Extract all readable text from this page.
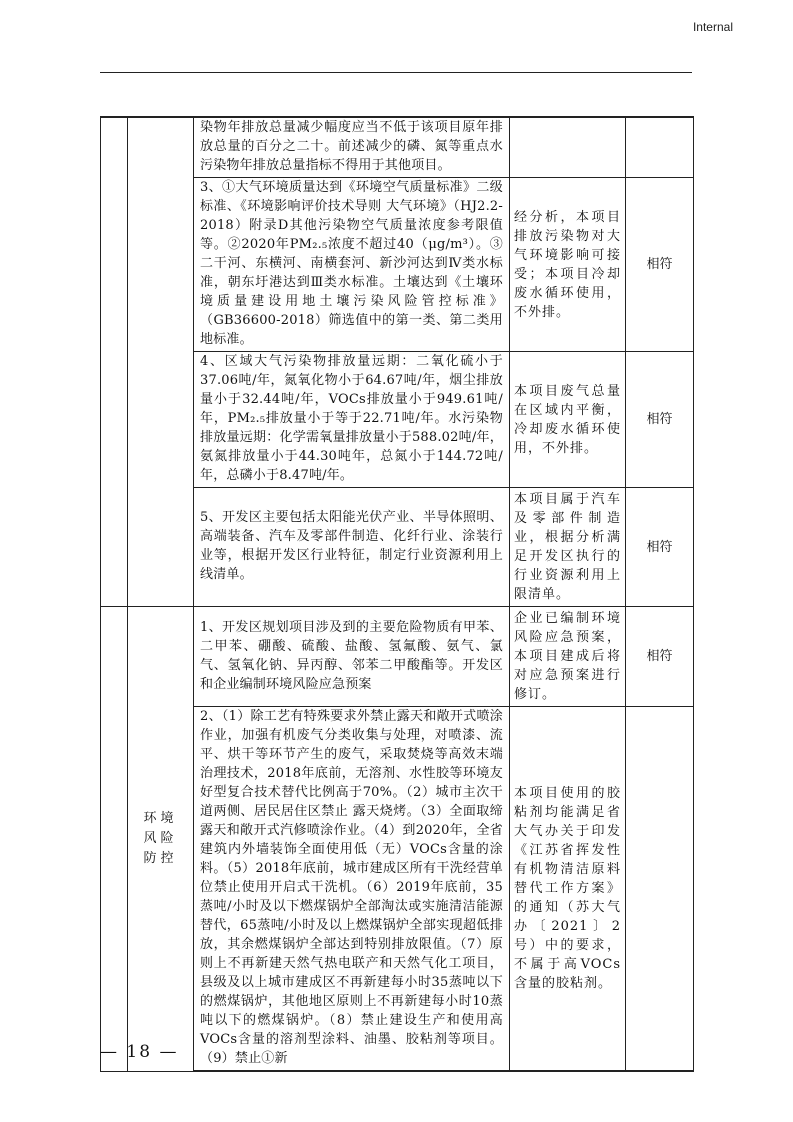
Internal

		染物年排放总量减少幅度应当不低于该项目原年排放总量的百分之二十。前述减少的磷、氮等重点水污染物年排放总量指标不得用于其他项目。		

		3、①大气环境质量达到《环境空气质量标准》二级标准、《环境影响评价技术导则 大气环境》（HJ2.2-2018）附录D其他污染物空气质量浓度参考限值等。②2020年PM₂.₅浓度不超过40（μg/m³）。③二干河、东横河、南横套河、新沙河达到Ⅳ类水标准，朝东圩港达到Ⅲ类水标准。土壤达到《土壤环境质量建设用地土壤污染风险管控标准》（GB36600-2018）筛选值中的第一类、第二类用地标准。	经分析，本项目排放污染物对大气环境影响可接受；本项目冷却废水循环使用，不外排。	相符

		4、区域大气污染物排放量远期：二氧化硫小于37.06吨/年，氮氧化物小于64.67吨/年，烟尘排放量小于32.44吨/年，VOCs排放量小于949.61吨/年，PM₂.₅排放量小于等于22.71吨/年。水污染物排放量远期：化学需氧量排放量小于588.02吨/年，氨氮排放量小于44.30吨年，总氮小于144.72吨/年，总磷小于8.47吨/年。	本项目废气总量在区域内平衡，冷却废水循环使用，不外排。	相符

		5、开发区主要包括太阳能光伏产业、半导体照明、高端装备、汽车及零部件制造、化纤行业、涂装行业等，根据开发区行业特征，制定行业资源利用上线清单。	本项目属于汽车及零部件制造业，根据分析满足开发区执行的行业资源利用上限清单。	相符

	环境风险防控	1、开发区规划项目涉及到的主要危险物质有甲苯、二甲苯、硼酸、硫酸、盐酸、氢氟酸、氨气、氯气、氢氧化钠、异丙醇、邻苯二甲酸酯等。开发区和企业编制环境风险应急预案	企业已编制环境风险应急预案，本项目建成后将对应急预案进行修订。	相符

		2、（1）除工艺有特殊要求外禁止露天和敞开式喷涂作业，加强有机废气分类收集与处理，对喷漆、流平、烘干等环节产生的废气，采取焚烧等高效末端治理技术，2018年底前，无溶剂、水性胶等环境友好型复合技术替代比例高于70%。（2）城市主次干道两侧、居民居住区禁止 露天烧烤。（3）全面取缔露天和敞开式汽修喷涂作业。（4）到2020年，全省建筑内外墙装饰全面使用低（无）VOCs含量的涂料。（5）2018年底前，城市建成区所有干洗经营单位禁止使用开启式干洗机。（6）2019年底前，35蒸吨/小时及以下燃煤锅炉全部淘汰或实施清洁能源替代，65蒸吨/小时及以上燃煤锅炉全部实现超低排放，其余燃煤锅炉全部达到特别排放限值。（7）原则上不再新建天然气热电联产和天然气化工项目，县级及以上城市建成区不再新建每小时35蒸吨以下的燃煤锅炉，其他地区原则上不再新建每小时10蒸吨以下的燃煤锅炉。（8）禁止建设生产和使用高VOCs含量的溶剂型涂料、油墨、胶粘剂等项目。（9）禁止①新	本项目使用的胶粘剂均能满足省大气办关于印发《江苏省挥发性有机物清洁原料替代工作方案》的通知（苏大气办〔2021〕2号）中的要求，不属于高VOCs含量的胶粘剂。	

— 18 —
